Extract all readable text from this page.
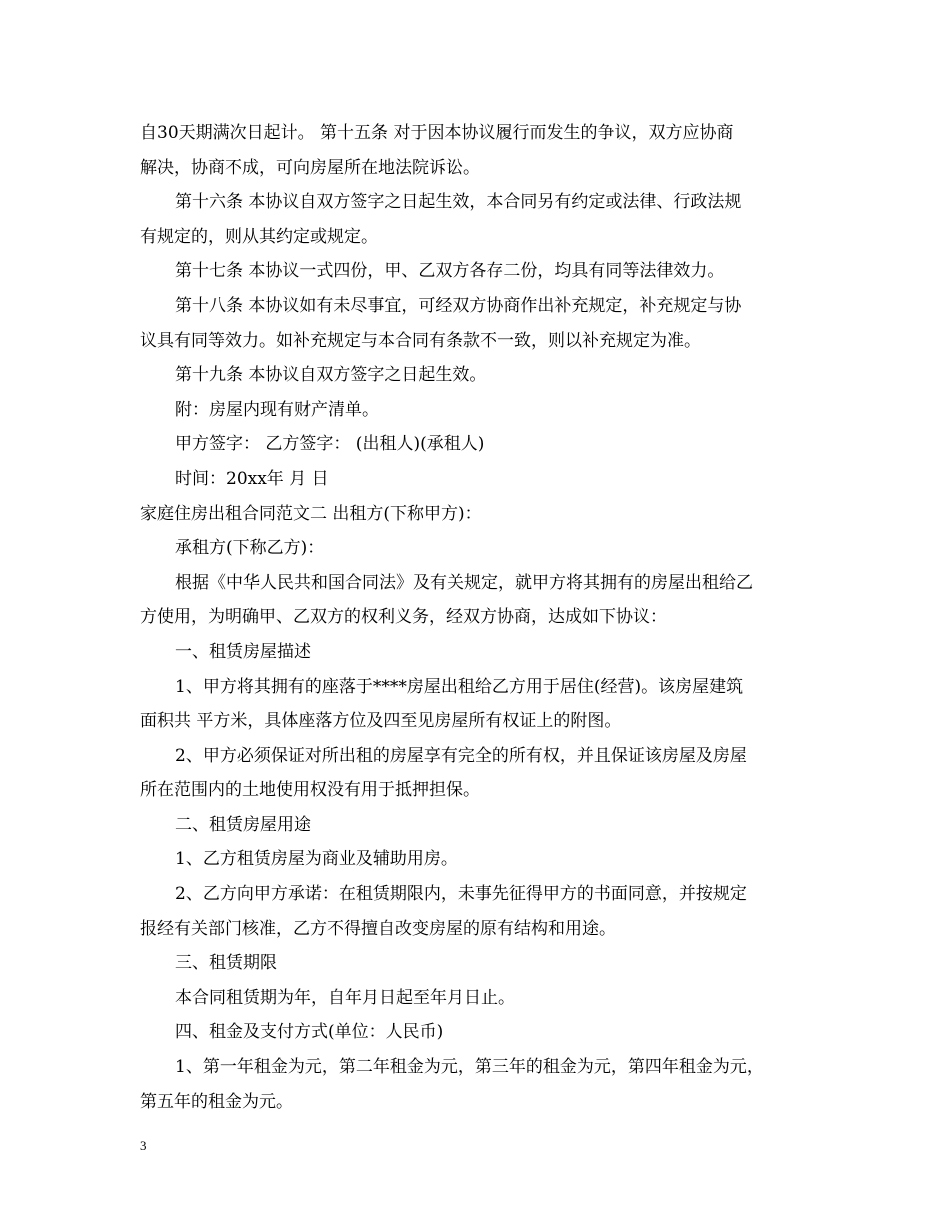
自30天期满次日起计。 第十五条 对于因本协议履行而发生的争议，双方应协商
解决，协商不成，可向房屋所在地法院诉讼。
第十六条 本协议自双方签字之日起生效，本合同另有约定或法律、行政法规
有规定的，则从其约定或规定。
第十七条 本协议一式四份，甲、乙双方各存二份，均具有同等法律效力。
第十八条 本协议如有未尽事宜，可经双方协商作出补充规定，补充规定与协
议具有同等效力。如补充规定与本合同有条款不一致，则以补充规定为准。
第十九条 本协议自双方签字之日起生效。
附：房屋内现有财产清单。
甲方签字： 乙方签字： (出租人)(承租人)
时间：20xx年 月 日
家庭住房出租合同范文二 出租方(下称甲方)：
承租方(下称乙方)：
根据《中华人民共和国合同法》及有关规定，就甲方将其拥有的房屋出租给乙
方使用，为明确甲、乙双方的权利义务，经双方协商，达成如下协议：
一、租赁房屋描述
1、甲方将其拥有的座落于****房屋出租给乙方用于居住(经营)。该房屋建筑
面积共 平方米，具体座落方位及四至见房屋所有权证上的附图。
2、甲方必须保证对所出租的房屋享有完全的所有权，并且保证该房屋及房屋
所在范围内的土地使用权没有用于抵押担保。
二、租赁房屋用途
1、乙方租赁房屋为商业及辅助用房。
2、乙方向甲方承诺：在租赁期限内，未事先征得甲方的书面同意，并按规定
报经有关部门核准，乙方不得擅自改变房屋的原有结构和用途。
三、租赁期限
本合同租赁期为年，自年月日起至年月日止。
四、租金及支付方式(单位：人民币)
1、第一年租金为元，第二年租金为元，第三年的租金为元，第四年租金为元，
第五年的租金为元。
3
